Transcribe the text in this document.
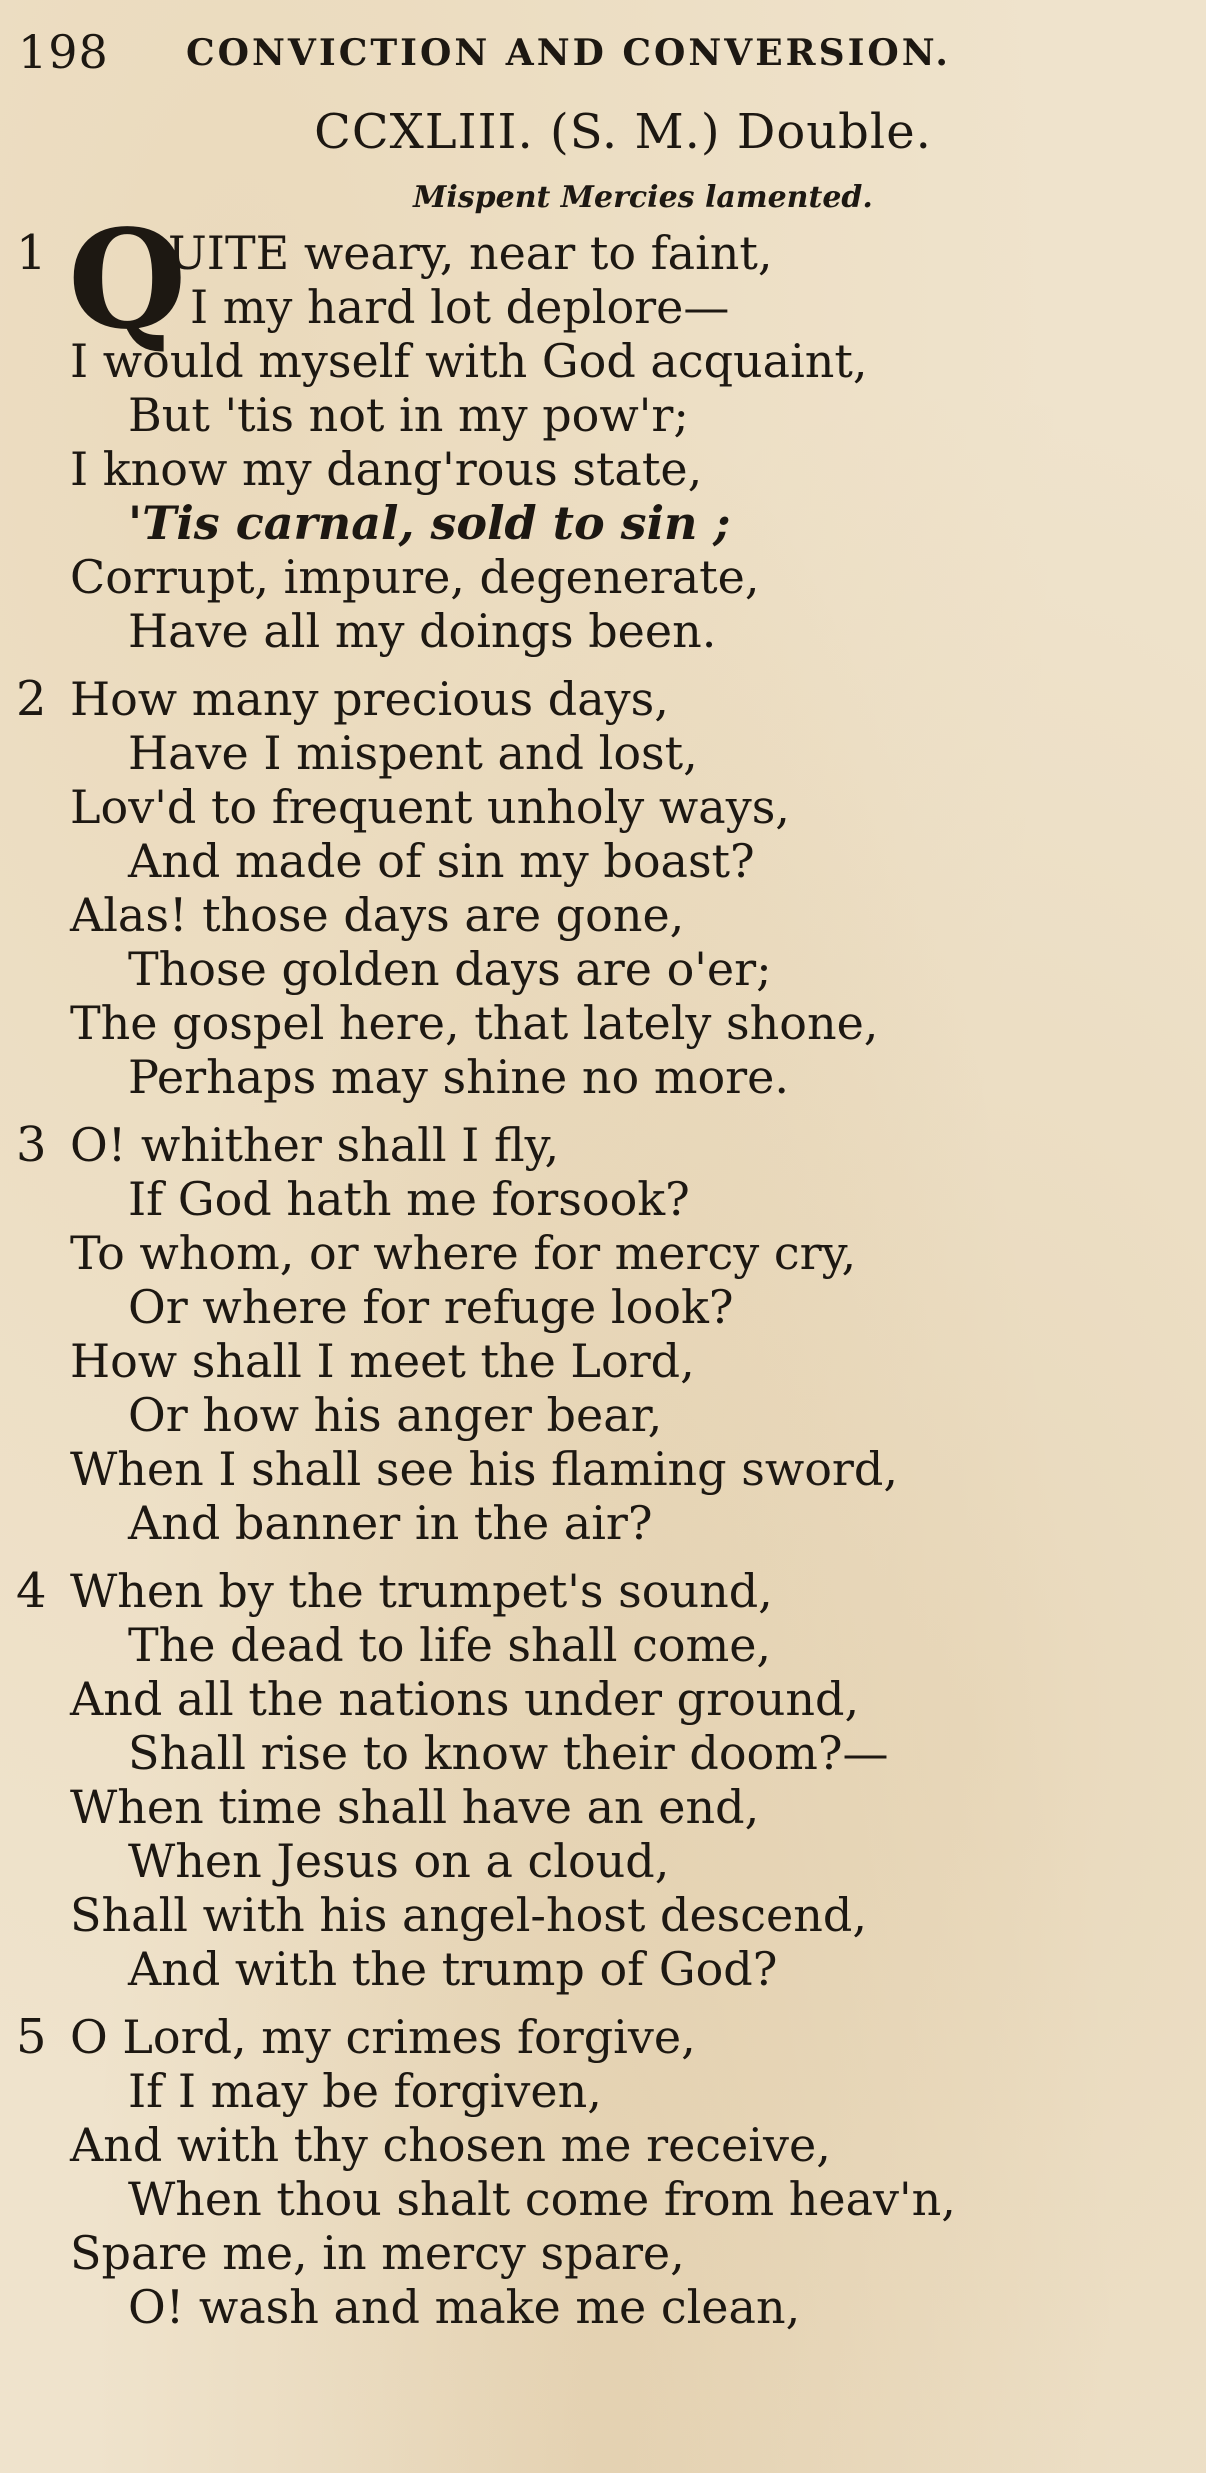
198 CONVICTION AND CONVERSION.
CCXLIII. (S. M.) Double.
Mispent Mercies lamented.
1 Q
UITE weary, near to faint,
I my hard lot deplore—
I would myself with God acquaint,
But 'tis not in my pow'r;
I know my dang'rous state,
'Tis carnal, sold to sin ;
Corrupt, impure, degenerate,
Have all my doings been.
2 How many precious days,
Have I mispent and lost,
Lov'd to frequent unholy ways,
And made of sin my boast?
Alas! those days are gone,
Those golden days are o'er;
The gospel here, that lately shone,
Perhaps may shine no more.
3 O! whither shall I fly,
If God hath me forsook?
To whom, or where for mercy cry,
Or where for refuge look?
How shall I meet the Lord,
Or how his anger bear,
When I shall see his flaming sword,
And banner in the air?
4 When by the trumpet's sound,
The dead to life shall come,
And all the nations under ground,
Shall rise to know their doom?—
When time shall have an end,
When Jesus on a cloud,
Shall with his angel-host descend,
And with the trump of God?
5 O Lord, my crimes forgive,
If I may be forgiven,
And with thy chosen me receive,
When thou shalt come from heav'n,
Spare me, in mercy spare,
O! wash and make me clean,
